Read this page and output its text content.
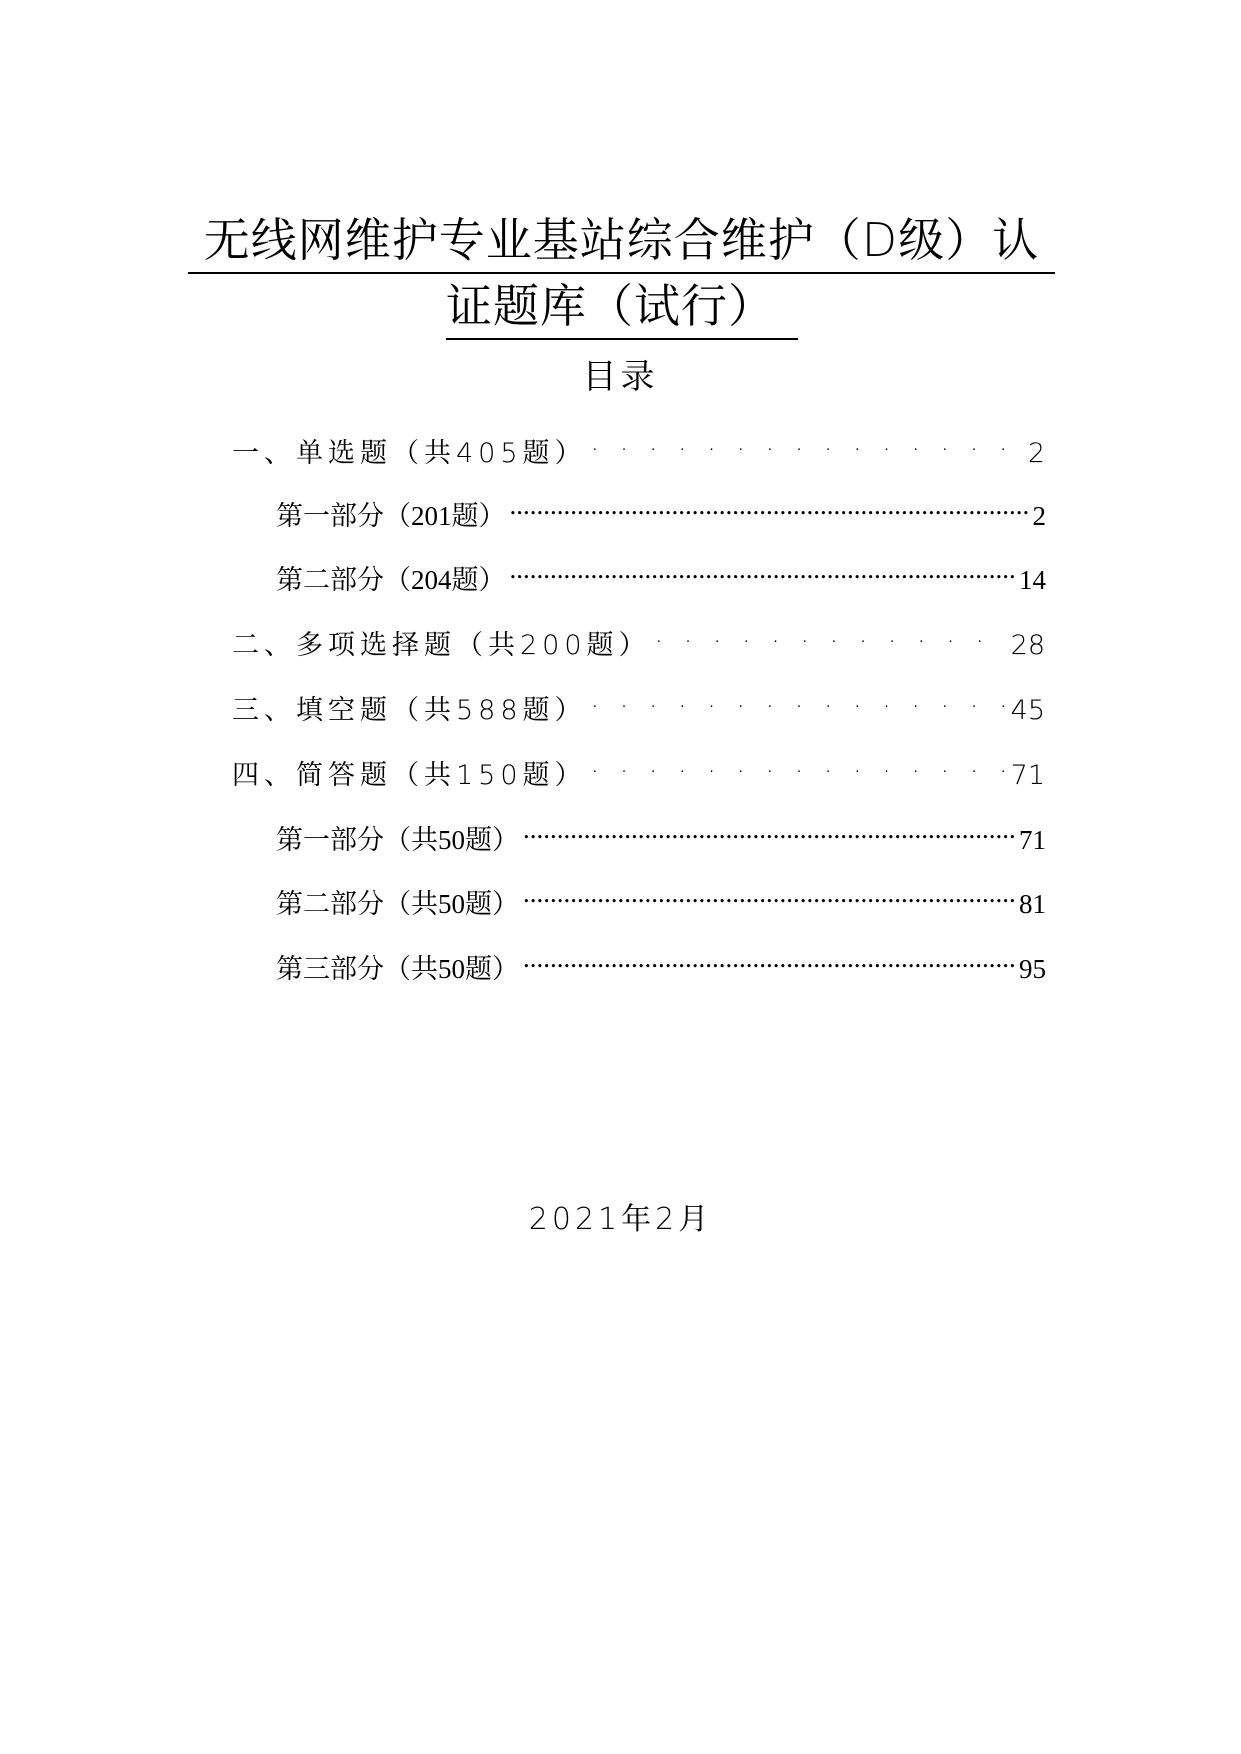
无线网维护专业基站综合维护（D级）认
证题库（试行）
目录
一、单选题（共405题） . . .	2
第一部分（201题） .....	2
第二部分（204题） .....	14
二、多项选择题（共200题） . . .	28
三、填空题（共588题） . . .	45
四、简答题（共150题） . . .	71
第一部分（共50题） .....	71
第二部分（共50题） .....	81
第三部分（共50题） .....	95
2021年2月
